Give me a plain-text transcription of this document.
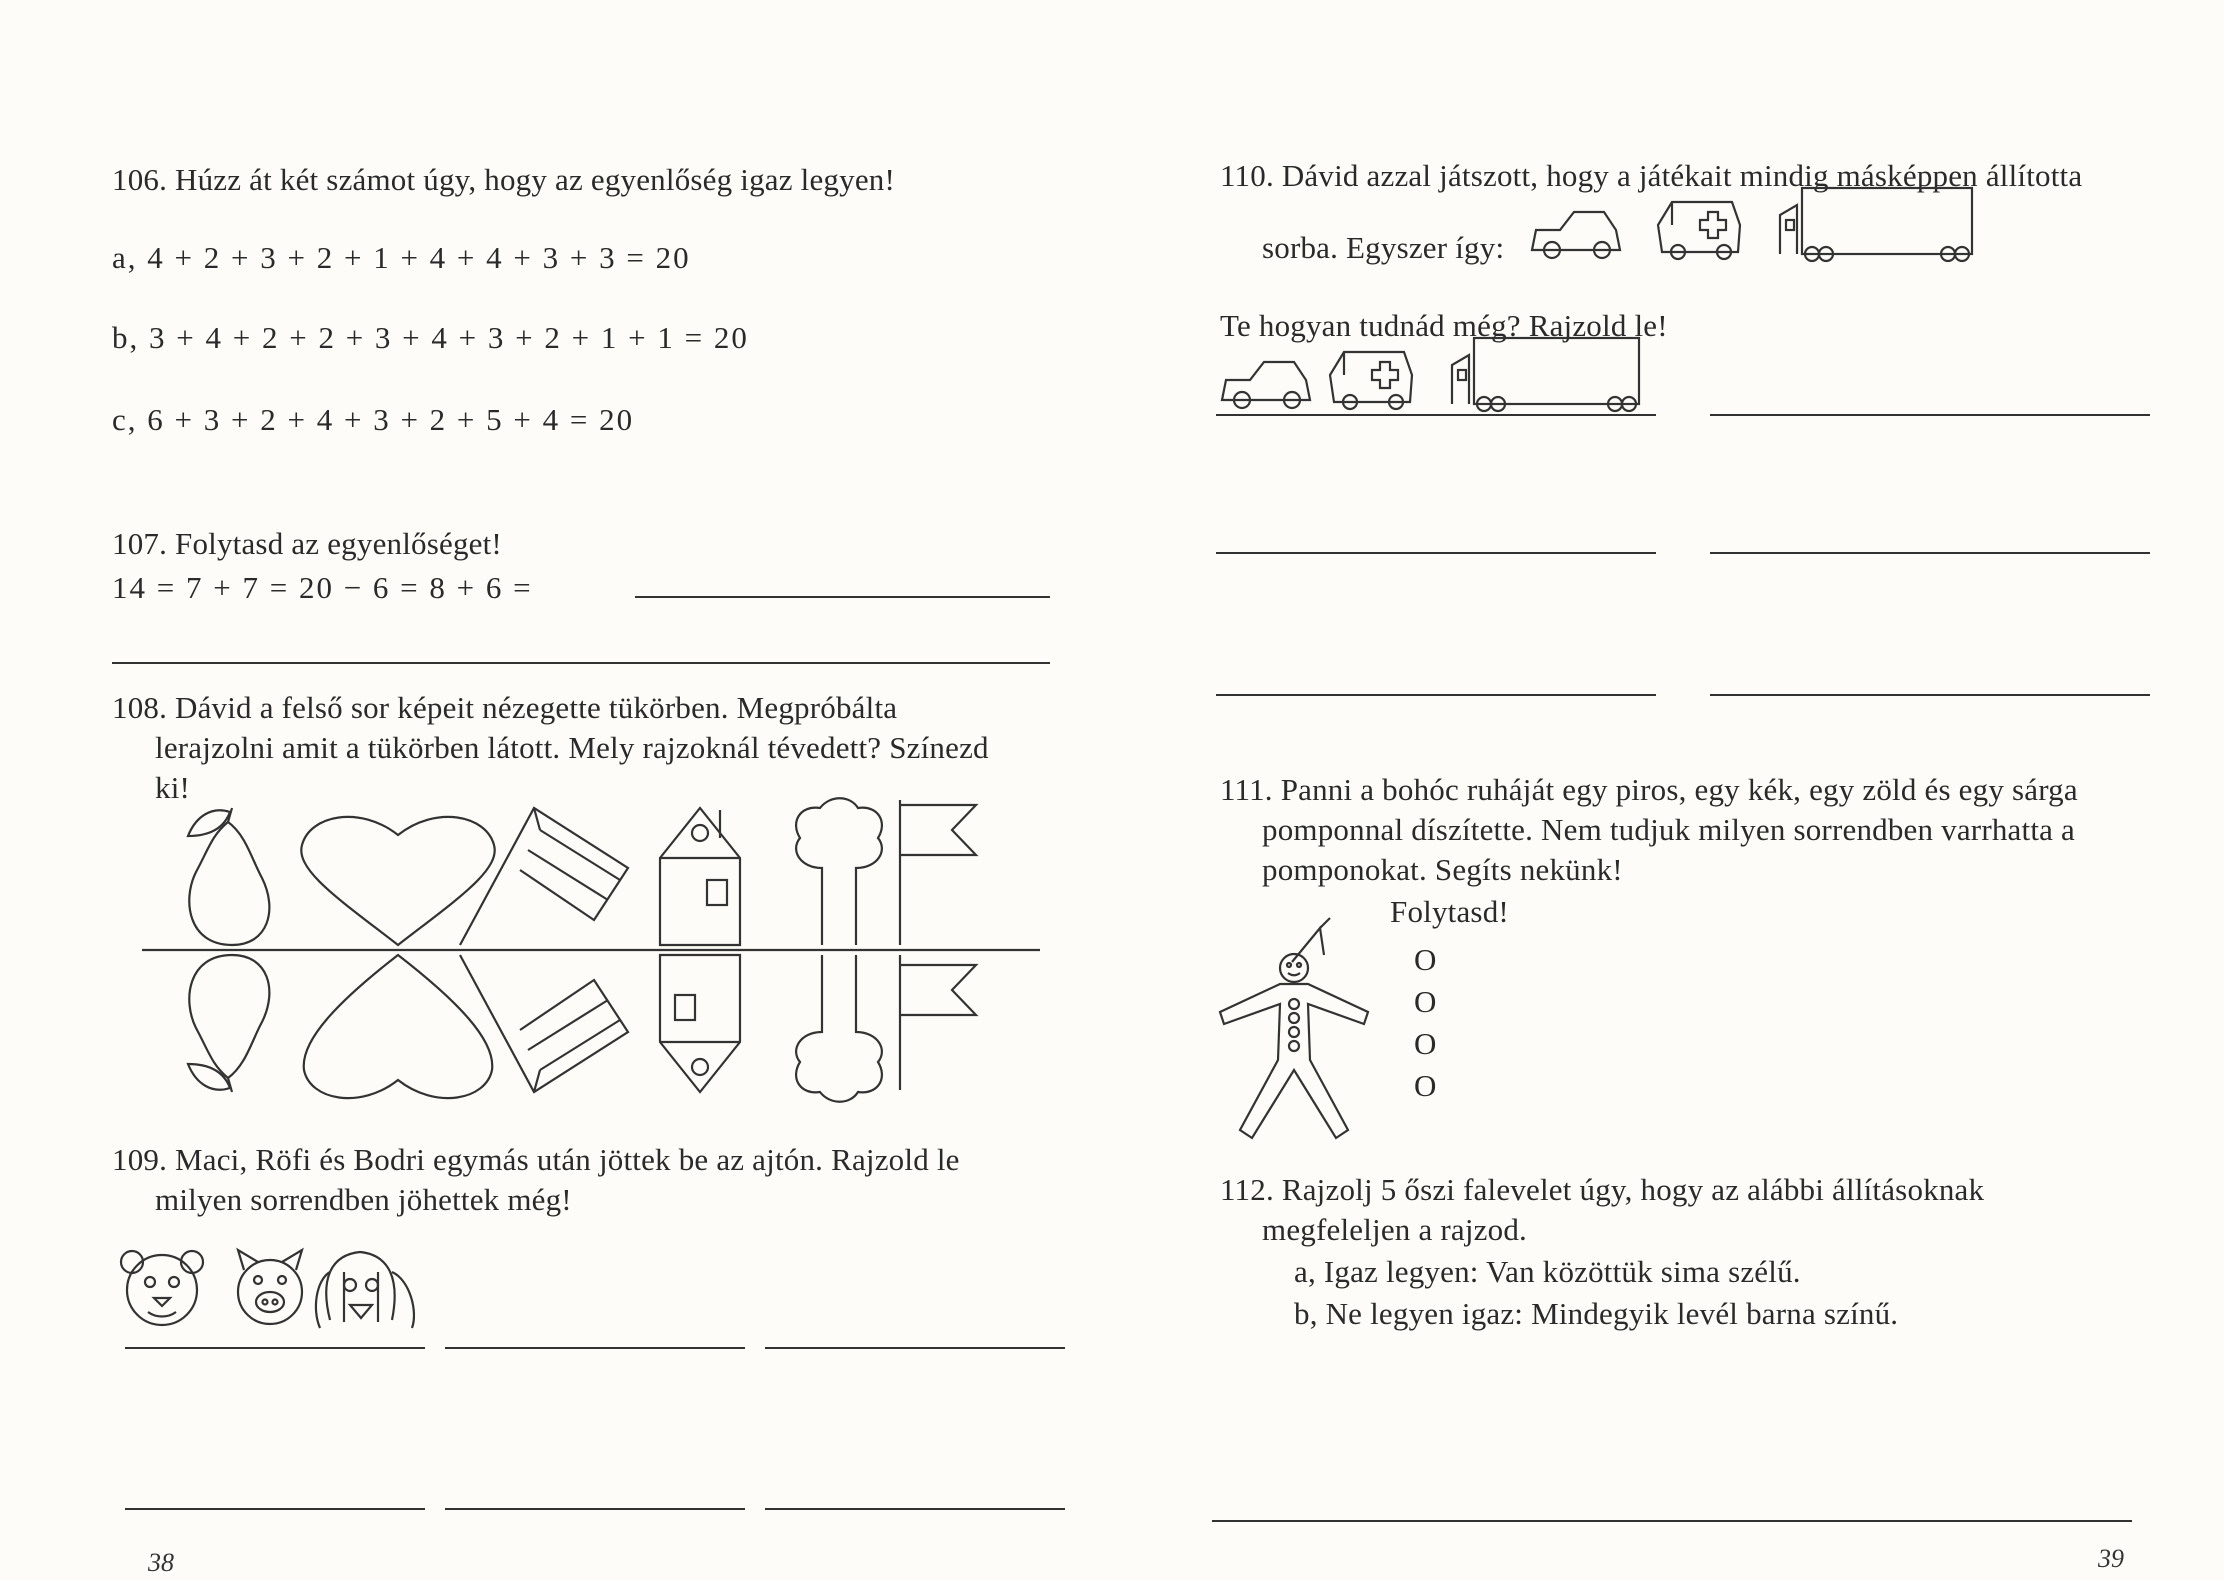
106. Húzz át két számot úgy, hogy az egyenlőség igaz legyen!
a, 4 + 2 + 3 + 2 + 1 + 4 + 4 + 3 + 3 = 20
b, 3 + 4 + 2 + 2 + 3 + 4 + 3 + 2 + 1 + 1 = 20
c, 6 + 3 + 2 + 4 + 3 + 2 + 5 + 4 = 20
107. Folytasd az egyenlőséget!
14 = 7 + 7 = 20 − 6 = 8 + 6 =
108. Dávid a felső sor képeit nézegette tükörben. Megpróbálta
lerajzolni amit a tükörben látott. Mely rajzoknál tévedett? Színezd
ki!
109. Maci, Röfi és Bodri egymás után jöttek be az ajtón. Rajzold le
milyen sorrendben jöhettek még!
38
110. Dávid azzal játszott, hogy a játékait mindig másképpen állította
sorba. Egyszer így:
Te hogyan tudnád még? Rajzold le!
111. Panni a bohóc ruháját egy piros, egy kék, egy zöld és egy sárga
pomponnal díszítette. Nem tudjuk milyen sorrendben varrhatta a
pomponokat. Segíts nekünk!
Folytasd!
O
O
O
O
112. Rajzolj 5 őszi falevelet úgy, hogy az alábbi állításoknak
megfeleljen a rajzod.
a, Igaz legyen: Van közöttük sima szélű.
b, Ne legyen igaz: Mindegyik levél barna színű.
39
